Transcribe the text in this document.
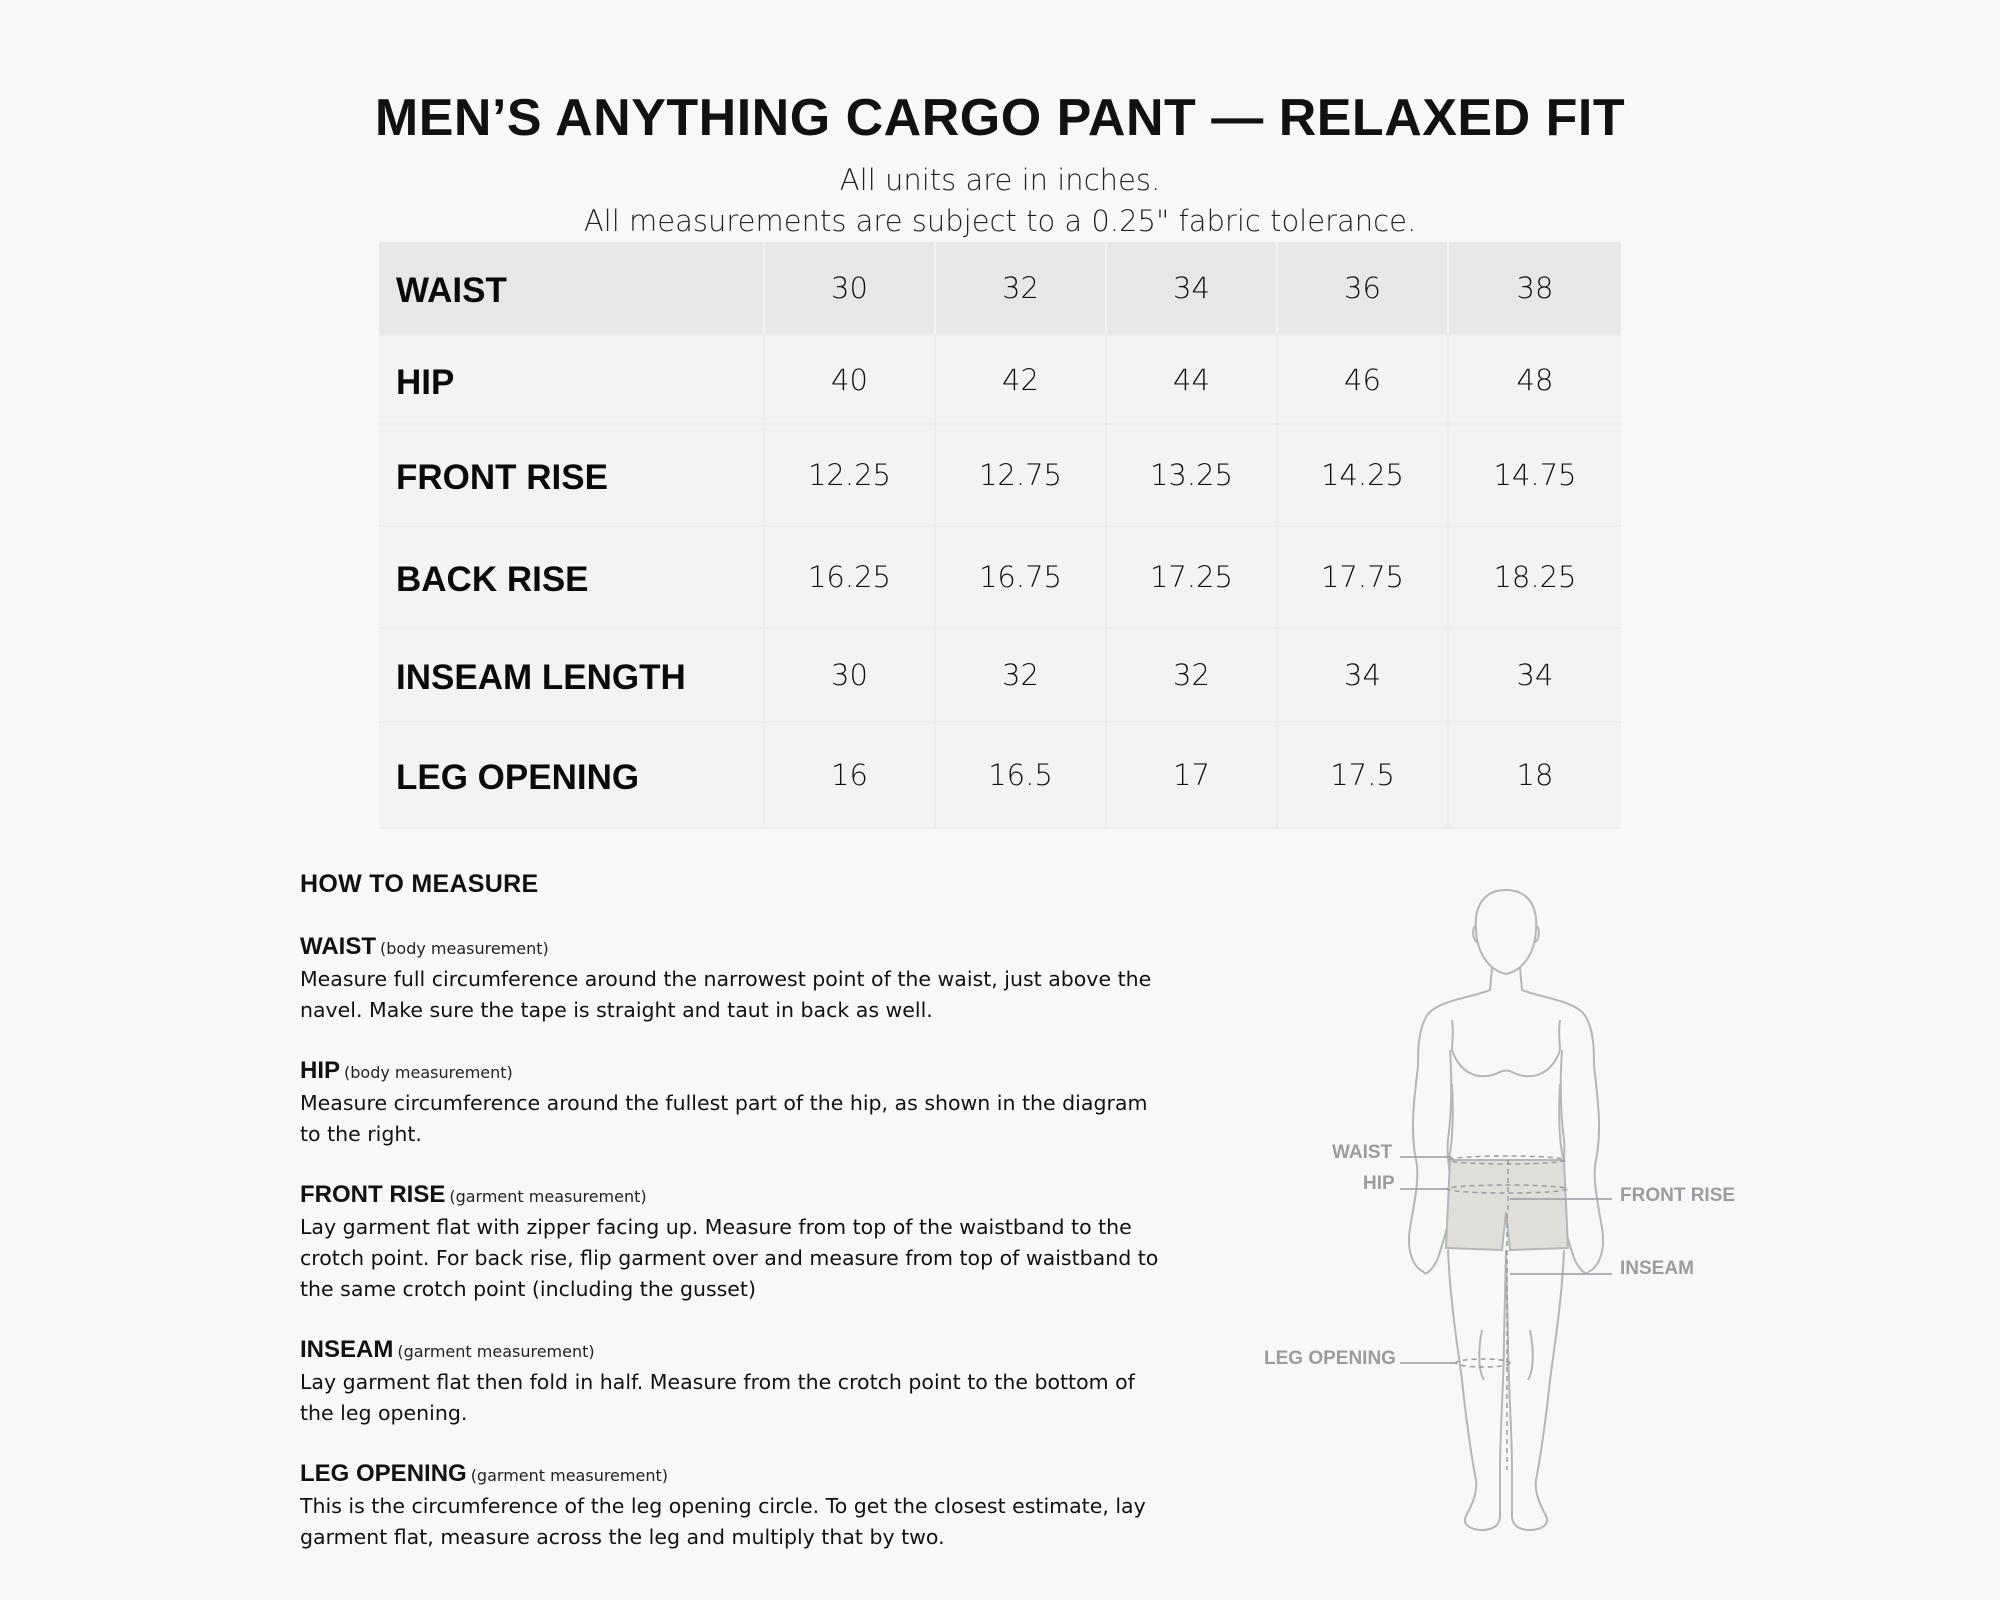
MEN’S ANYTHING CARGO PANT — RELAXED FIT
All units are in inches.
All measurements are subject to a 0.25" fabric tolerance.
WAIST	30	32	34	36	38
HIP	40	42	44	46	48
FRONT RISE	12.25	12.75	13.25	14.25	14.75
BACK RISE	16.25	16.75	17.25	17.75	18.25
INSEAM LENGTH	30	32	32	34	34
LEG OPENING	16	16.5	17	17.5	18
HOW TO MEASURE
WAIST (body measurement)
Measure full circumference around the narrowest point of the waist, just above the navel. Make sure the tape is straight and taut in back as well.
HIP (body measurement)
Measure circumference around the fullest part of the hip, as shown in the diagram to the right.
FRONT RISE (garment measurement)
Lay garment flat with zipper facing up. Measure from top of the waistband to the crotch point. For back rise, flip garment over and measure from top of waistband to the same crotch point (including the gusset)
INSEAM (garment measurement)
Lay garment flat then fold in half. Measure from the crotch point to the bottom of the leg opening.
LEG OPENING (garment measurement)
This is the circumference of the leg opening circle. To get the closest estimate, lay garment flat, measure across the leg and multiply that by two.
WAIST
HIP
FRONT RISE
INSEAM
LEG OPENING
